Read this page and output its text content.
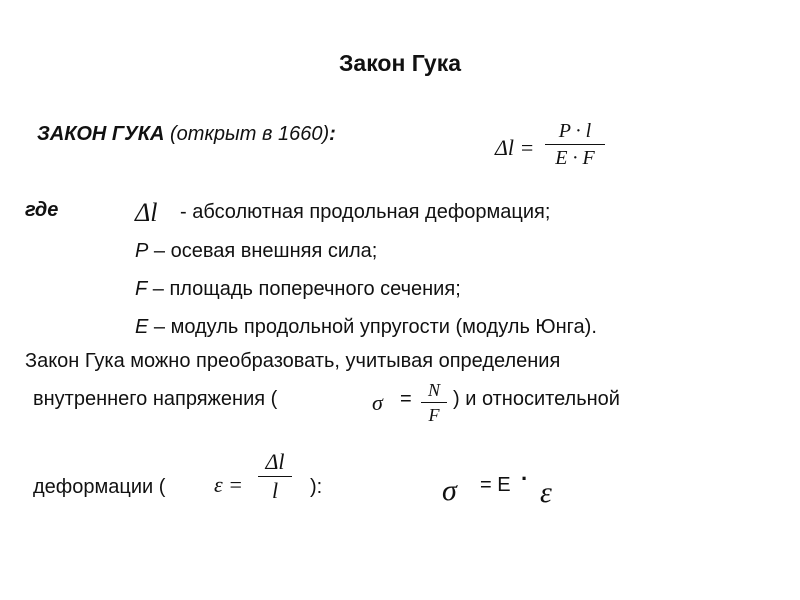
Закон Гука
ЗАКОН ГУКА (открыт в 1660):
Δl =
P · l
E · F
где	Δl - абсолютная продольная деформация;
P – осевая внешняя сила;
F – площадь поперечного сечения;
E – модуль продольной упругости (модуль Юнга).
Закон Гука можно преобразовать, учитывая определения
внутреннего напряжения (	σ = N
F
) и относительной
деформации ( ε =
Δl
l	):	σ = E · ε
